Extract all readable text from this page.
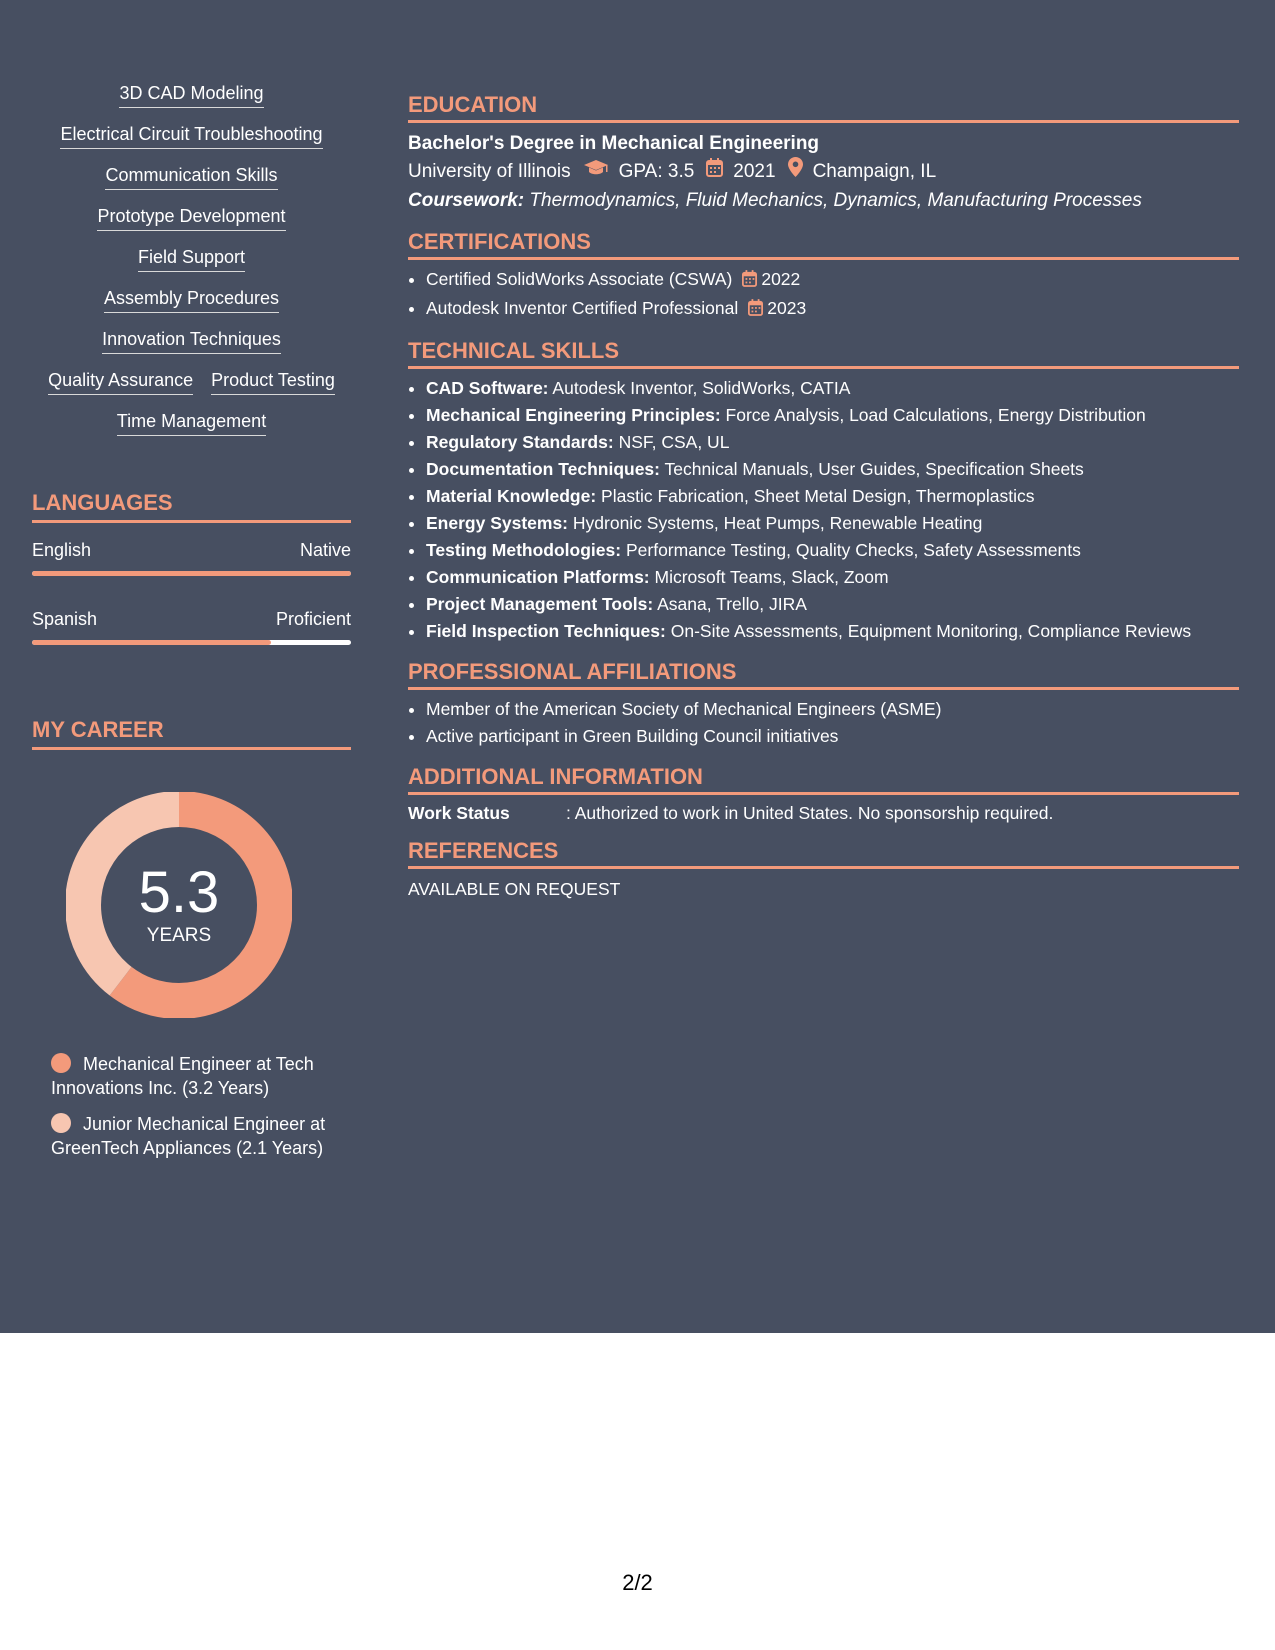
3D CAD Modeling
Electrical Circuit Troubleshooting
Communication Skills
Prototype Development
Field Support
Assembly Procedures
Innovation Techniques
Quality Assurance Product Testing
Time Management
LANGUAGES
English	Native
Spanish	Proficient
MY CAREER
5.3
YEARS
Mechanical Engineer at Tech Innovations Inc. (3.2 Years)
Junior Mechanical Engineer at GreenTech Appliances (2.1 Years)
EDUCATION
Bachelor's Degree in Mechanical Engineering
University of Illinois	GPA: 3.5 2021 Champaign, IL
Coursework: Thermodynamics, Fluid Mechanics, Dynamics, Manufacturing Processes
CERTIFICATIONS
• Certified SolidWorks Associate (CSWA) 2022
• Autodesk Inventor Certified Professional 2023
TECHNICAL SKILLS
• CAD Software: Autodesk Inventor, SolidWorks, CATIA
• Mechanical Engineering Principles: Force Analysis, Load Calculations, Energy Distribution
• Regulatory Standards: NSF, CSA, UL
• Documentation Techniques: Technical Manuals, User Guides, Specification Sheets
• Material Knowledge: Plastic Fabrication, Sheet Metal Design, Thermoplastics
• Energy Systems: Hydronic Systems, Heat Pumps, Renewable Heating
• Testing Methodologies: Performance Testing, Quality Checks, Safety Assessments
• Communication Platforms: Microsoft Teams, Slack, Zoom
• Project Management Tools: Asana, Trello, JIRA
• Field Inspection Techniques: On-Site Assessments, Equipment Monitoring, Compliance Reviews
PROFESSIONAL AFFILIATIONS
• Member of the American Society of Mechanical Engineers (ASME)
• Active participant in Green Building Council initiatives
ADDITIONAL INFORMATION
Work Status	: Authorized to work in United States. No sponsorship required.
REFERENCES
AVAILABLE ON REQUEST
2/2
